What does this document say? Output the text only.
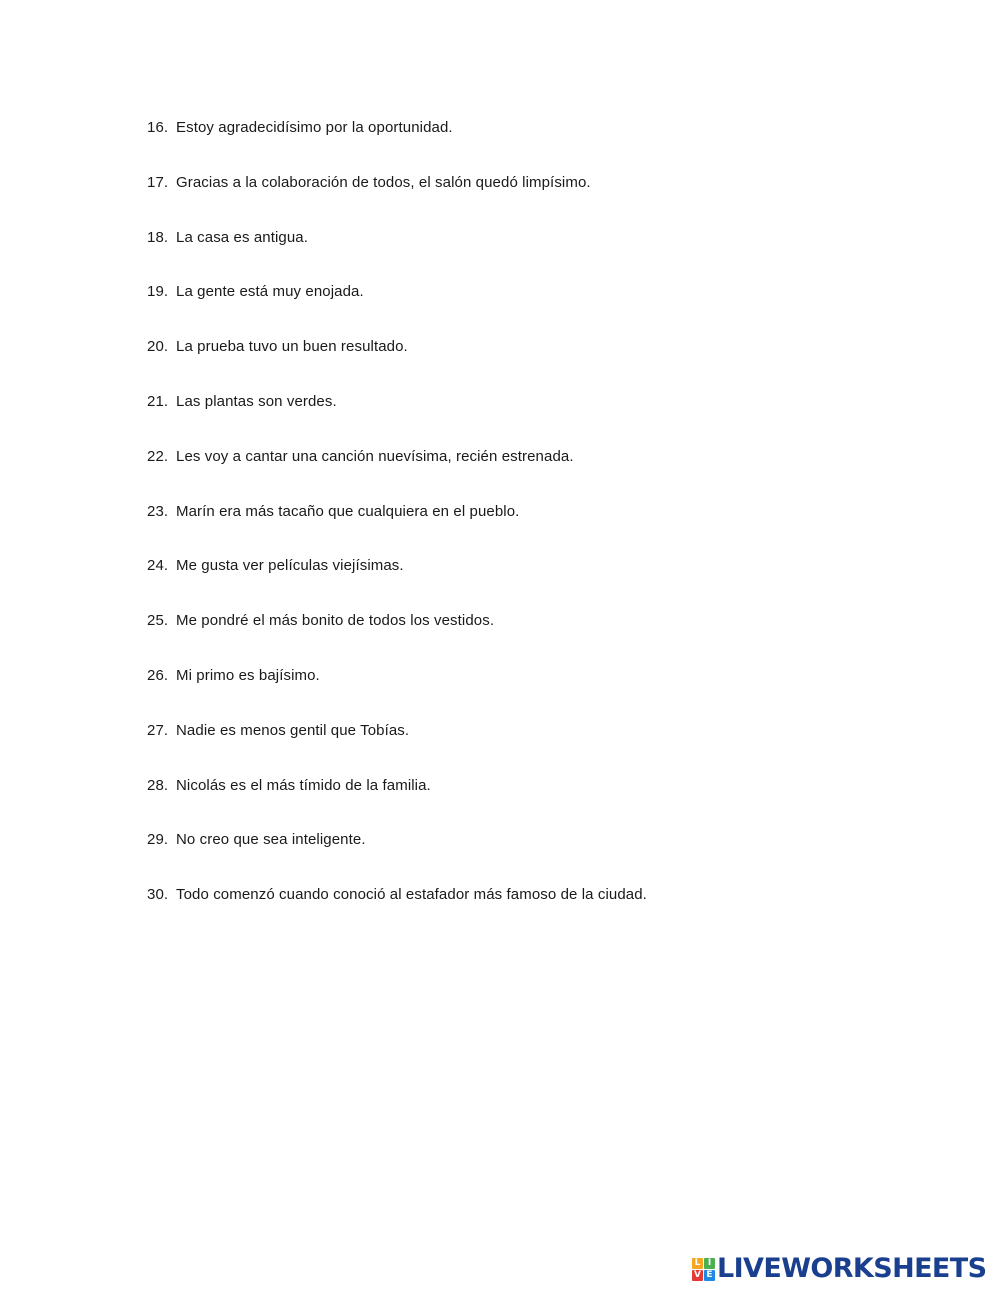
16. Estoy agradecidísimo por la oportunidad.
17. Gracias a la colaboración de todos, el salón quedó limpísimo.
18. La casa es antigua.
19. La gente está muy enojada.
20. La prueba tuvo un buen resultado.
21. Las plantas son verdes.
22. Les voy a cantar una canción nuevísima, recién estrenada.
23. Marín era más tacaño que cualquiera en el pueblo.
24. Me gusta ver películas viejísimas.
25. Me pondré el más bonito de todos los vestidos.
26. Mi primo es bajísimo.
27. Nadie es menos gentil que Tobías.
28. Nicolás es el más tímido de la familia.
29. No creo que sea inteligente.
30. Todo comenzó cuando conoció al estafador más famoso de la ciudad.
L I
V E LIVEWORKSHEETS
